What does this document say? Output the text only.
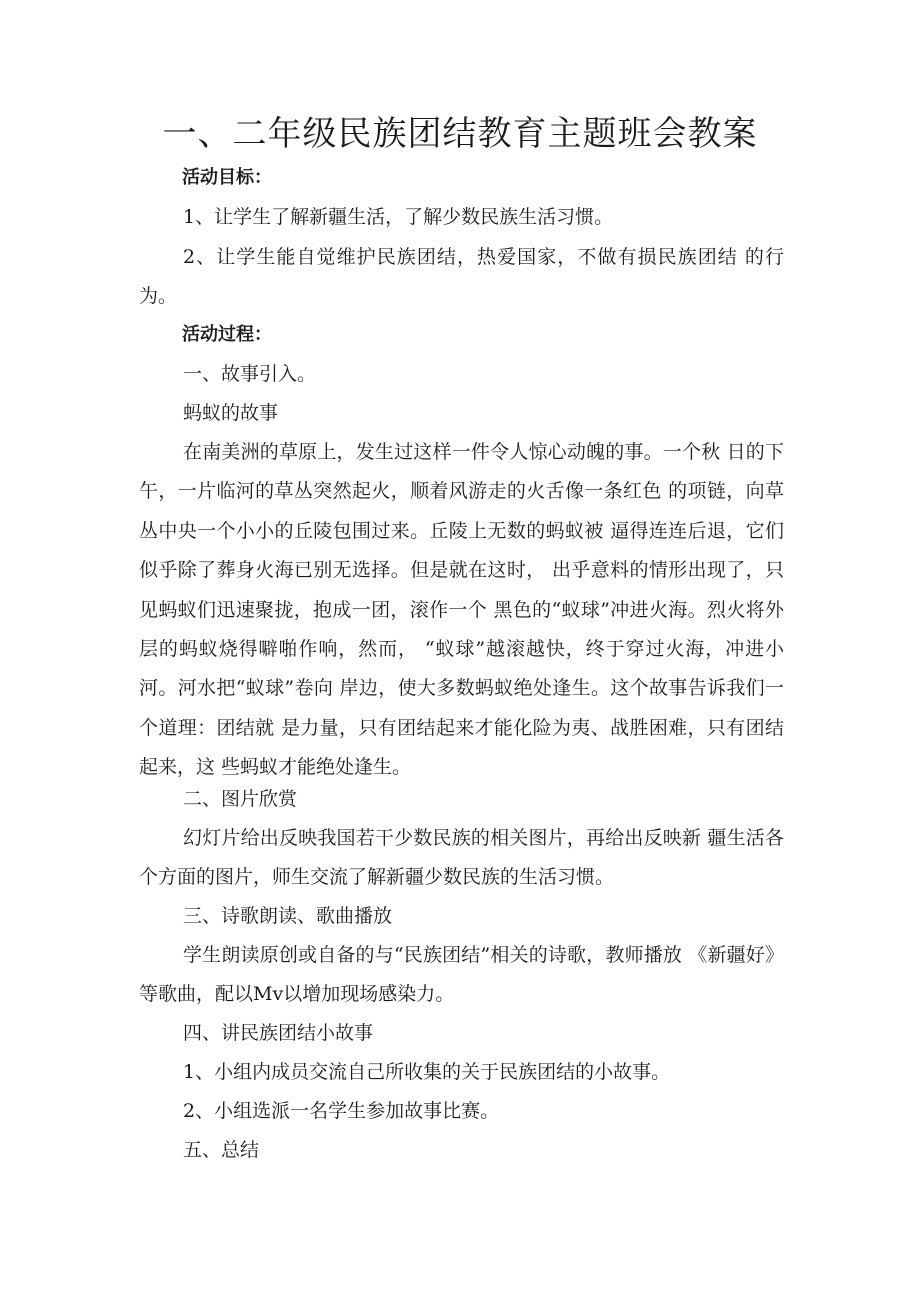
一、二年级民族团结教育主题班会教案
活动目标：
1、让学生了解新疆生活，了解少数民族生活习惯。

2、让学生能自觉维护民族团结，热爱国家，不做有损民族团结 的行为。

活动过程：
一、故事引入。
蚂蚁的故事

在南美洲的草原上，发生过这样一件令人惊心动魄的事。一个秋 日的下午，一片临河的草丛突然起火，顺着风游走的火舌像一条红色 的项链，向草丛中央一个小小的丘陵包围过来。丘陵上无数的蚂蚁被 逼得连连后退，它们似乎除了葬身火海已别无选择。但是就在这时， 出乎意料的情形出现了，只见蚂蚁们迅速聚拢，抱成一团，滚作一个 黑色的“蚁球”冲进火海。烈火将外层的蚂蚁烧得噼啪作响，然而， “蚁球”越滚越快，终于穿过火海，冲进小河。河水把“蚁球”卷向 岸边，使大多数蚂蚁绝处逢生。这个故事告诉我们一个道理：团结就 是力量，只有团结起来才能化险为夷、战胜困难，只有团结起来，这 些蚂蚁才能绝处逢生。

二、图片欣赏

幻灯片给出反映我国若干少数民族的相关图片，再给出反映新 疆生活各个方面的图片，师生交流了解新疆少数民族的生活习惯。

三、诗歌朗读、歌曲播放

学生朗读原创或自备的与“民族团结”相关的诗歌，教师播放 《新疆好》等歌曲，配以Mv以增加现场感染力。

四、讲民族团结小故事
1、小组内成员交流自己所收集的关于民族团结的小故事。
2、小组选派一名学生参加故事比赛。
五、总结
